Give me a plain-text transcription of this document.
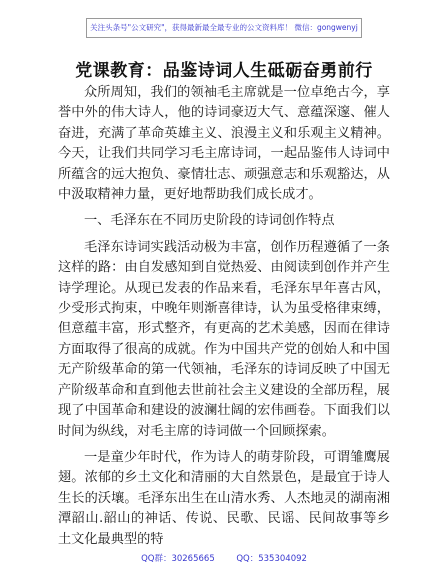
关注头条号"公文研究"，获得最新最全最专业的公文资料库！ 微信：gongwenyj
党课教育：品鉴诗词人生砥砺奋勇前行

众所周知，我们的领袖毛主席就是一位卓绝古今，享誉中外的伟大诗人，他的诗词豪迈大气、意蕴深邃、催人奋进，充满了革命英雄主义、浪漫主义和乐观主义精神。今天，让我们共同学习毛主席诗词，一起品鉴伟人诗词中所蕴含的远大抱负、豪情壮志、顽强意志和乐观豁达，从中汲取精神力量，更好地帮助我们成长成才。

一、毛泽东在不同历史阶段的诗词创作特点

毛泽东诗词实践活动极为丰富，创作历程遵循了一条这样的路：由自发感知到自觉热爱、由阅读到创作并产生诗学理论。从现已发表的作品来看，毛泽东早年喜古风，少受形式拘束，中晚年则渐喜律诗，认为虽受格律束缚，但意蕴丰富，形式整齐，有更高的艺术美感，因而在律诗方面取得了很高的成就。作为中国共产党的创始人和中国无产阶级革命的第一代领袖，毛泽东的诗词反映了中国无产阶级革命和直到他去世前社会主义建设的全部历程，展现了中国革命和建设的波澜壮阔的宏伟画卷。下面我们以时间为纵线，对毛主席的诗词做一个回顾探索。

一是童少年时代，作为诗人的萌芽阶段，可谓雏鹰展翅。浓郁的乡土文化和清丽的大自然景色，是最宜于诗人生长的沃壤。毛泽东出生在山清水秀、人杰地灵的湖南湘潭韶山.韶山的神话、传说、民歌、民谣、民间故事等乡土文化最典型的特

QQ群：30265665	QQ：535304092
